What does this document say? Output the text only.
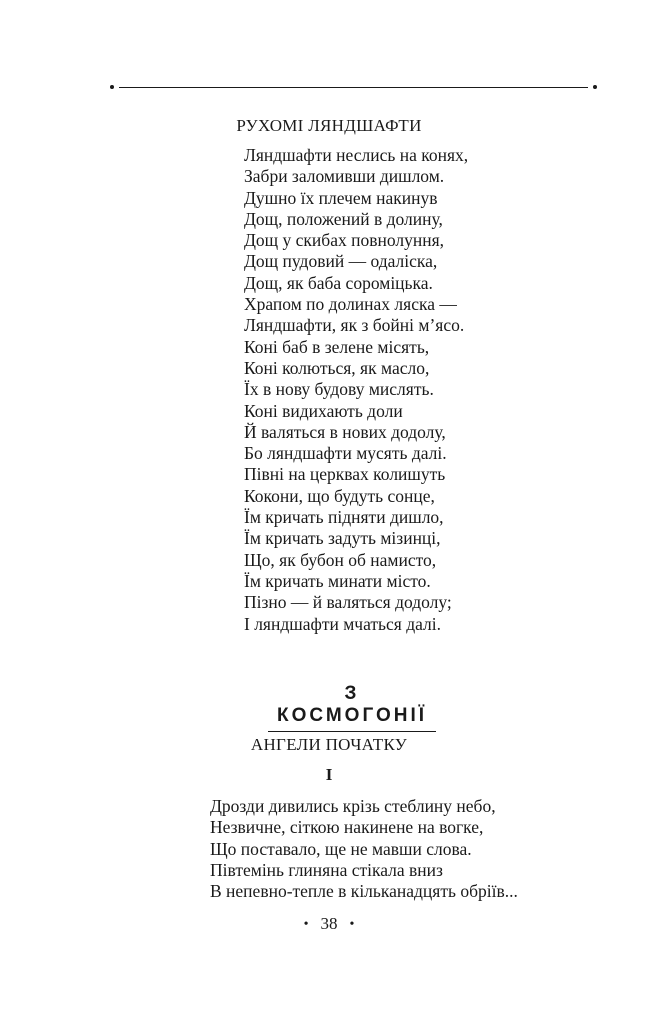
РУХОМІ ЛЯНДШАФТИ
Ляндшафти неслись на конях,
Забри заломивши дишлом.
Душно їх плечем накинув
Дощ, положений в долину,
Дощ у скибах повнолуння,
Дощ пудовий — одаліска,
Дощ, як баба сороміцька.
Храпом по долинах ляска —
Ляндшафти, як з бойні м’ясо.
Коні баб в зелене місять,
Коні колються, як масло,
Їх в нову будову мислять.
Коні видихають доли
Й валяться в нових додолу,
Бо ляндшафти мусять далі.
Півні на церквах колишуть
Кокони, що будуть сонце,
Їм кричать підняти дишло,
Їм кричать задуть мізинці,
Що, як бубон об намисто,
Їм кричать минати місто.
Пізно — й валяться додолу;
І ляндшафти мчаться далі.
З КОСМОГОНІЇ
АНГЕЛИ ПОЧАТКУ
I
Дрозди дивились крізь стеблину небо,
Незвичне, сіткою накинене на вогке,
Що поставало, ще не мавши слова.
Півтемінь глиняна стікала вниз
В непевно-тепле в кільканадцять обріїв...
• 38 •
